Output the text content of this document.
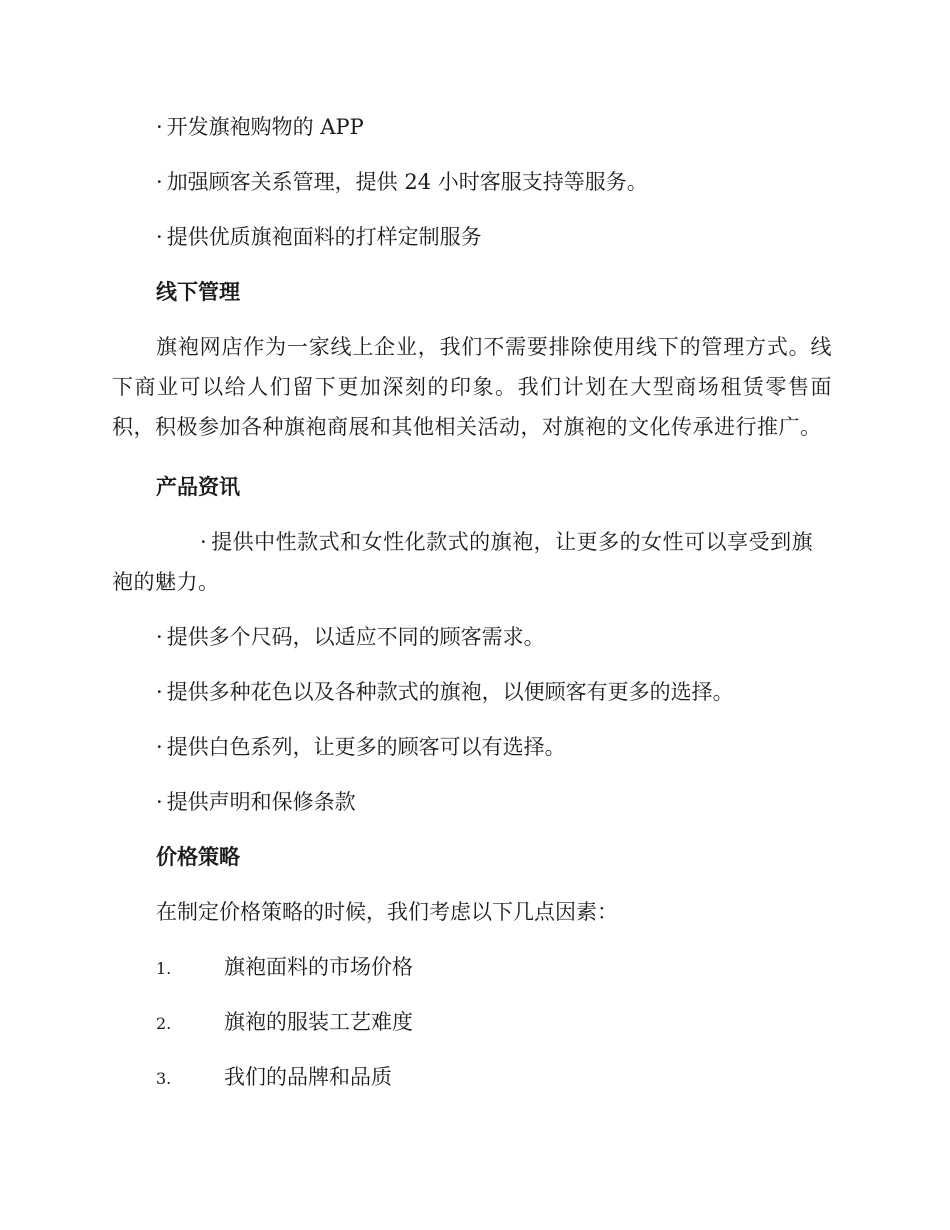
· 开发旗袍购物的 APP
· 加强顾客关系管理，提供 24 小时客服支持等服务。
· 提供优质旗袍面料的打样定制服务
线下管理
旗袍网店作为一家线上企业，我们不需要排除使用线下的管理方式。线下商业可以给人们留下更加深刻的印象。我们计划在大型商场租赁零售面积，积极参加各种旗袍商展和其他相关活动，对旗袍的文化传承进行推广。
产品资讯
· 提供中性款式和女性化款式的旗袍，让更多的女性可以享受到旗袍的魅力。
· 提供多个尺码，以适应不同的顾客需求。
· 提供多种花色以及各种款式的旗袍，以便顾客有更多的选择。
· 提供白色系列，让更多的顾客可以有选择。
· 提供声明和保修条款
价格策略
在制定价格策略的时候，我们考虑以下几点因素：
1.	旗袍面料的市场价格
2.	旗袍的服装工艺难度
3.	我们的品牌和品质
